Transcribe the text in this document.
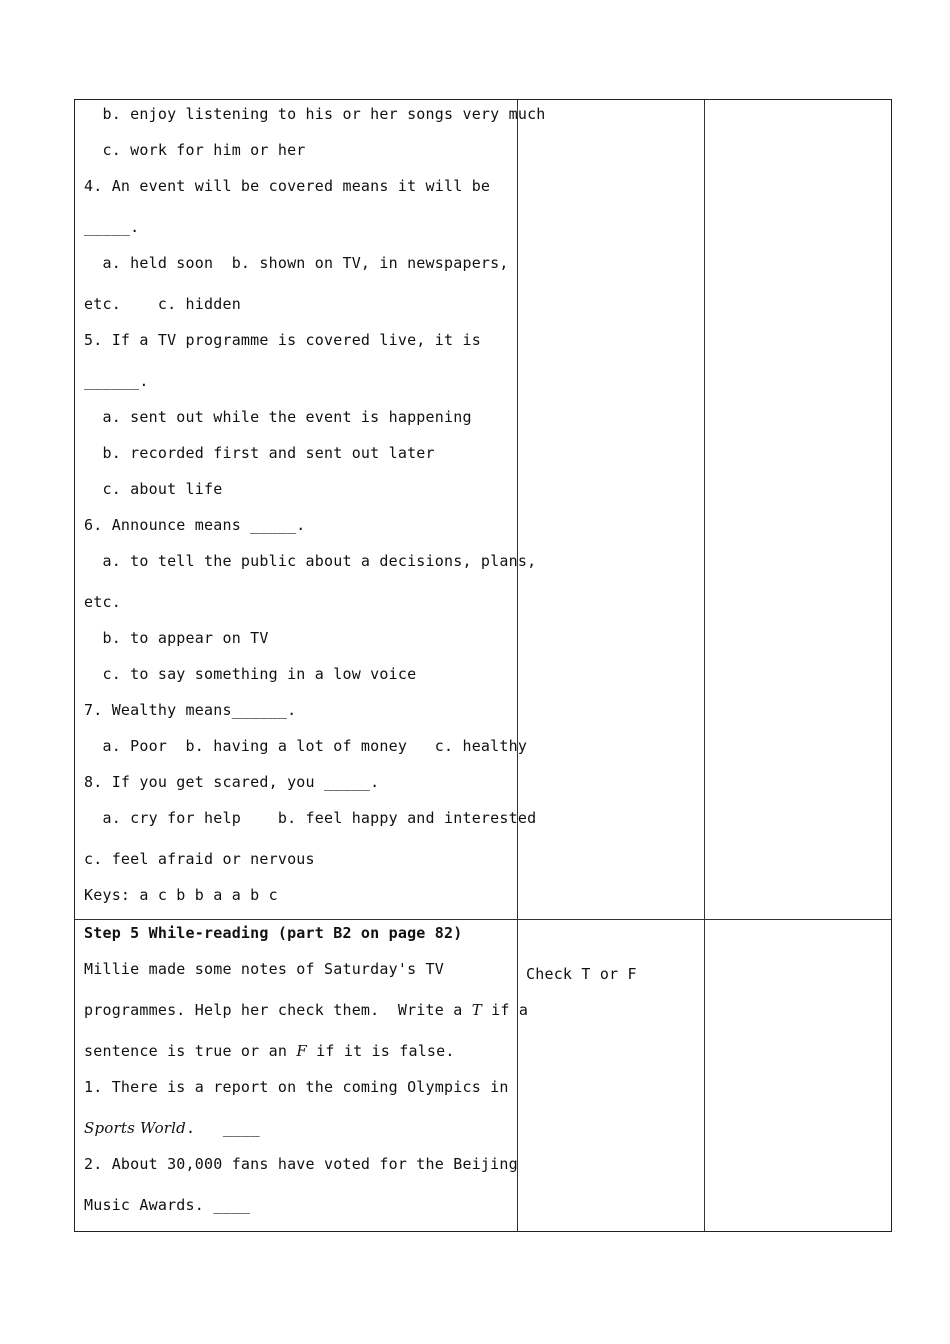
b. enjoy listening to his or her songs very much
c. work for him or her
4. An event will be covered means it will be
_____.
a. held soon  b. shown on TV, in newspapers,
etc.    c. hidden
5. If a TV programme is covered live, it is
______.
a. sent out while the event is happening
b. recorded first and sent out later
c. about life
6. Announce means _____.
a. to tell the public about a decisions, plans,
etc.
b. to appear on TV
c. to say something in a low voice
7. Wealthy means______.
a. Poor  b. having a lot of money   c. healthy
8. If you get scared, you _____.
a. cry for help    b. feel happy and interested
c. feel afraid or nervous
Keys: a c b b a a b c
Step 5 While-reading (part B2 on page 82)
Millie made some notes of Saturday's TV
programmes. Help her check them.  Write a T if a
sentence is true or an F if it is false.
1. There is a report on the coming Olympics in
Sports World.   ____
2. About 30,000 fans have voted for the Beijing
Music Awards. ____
Check T or F
